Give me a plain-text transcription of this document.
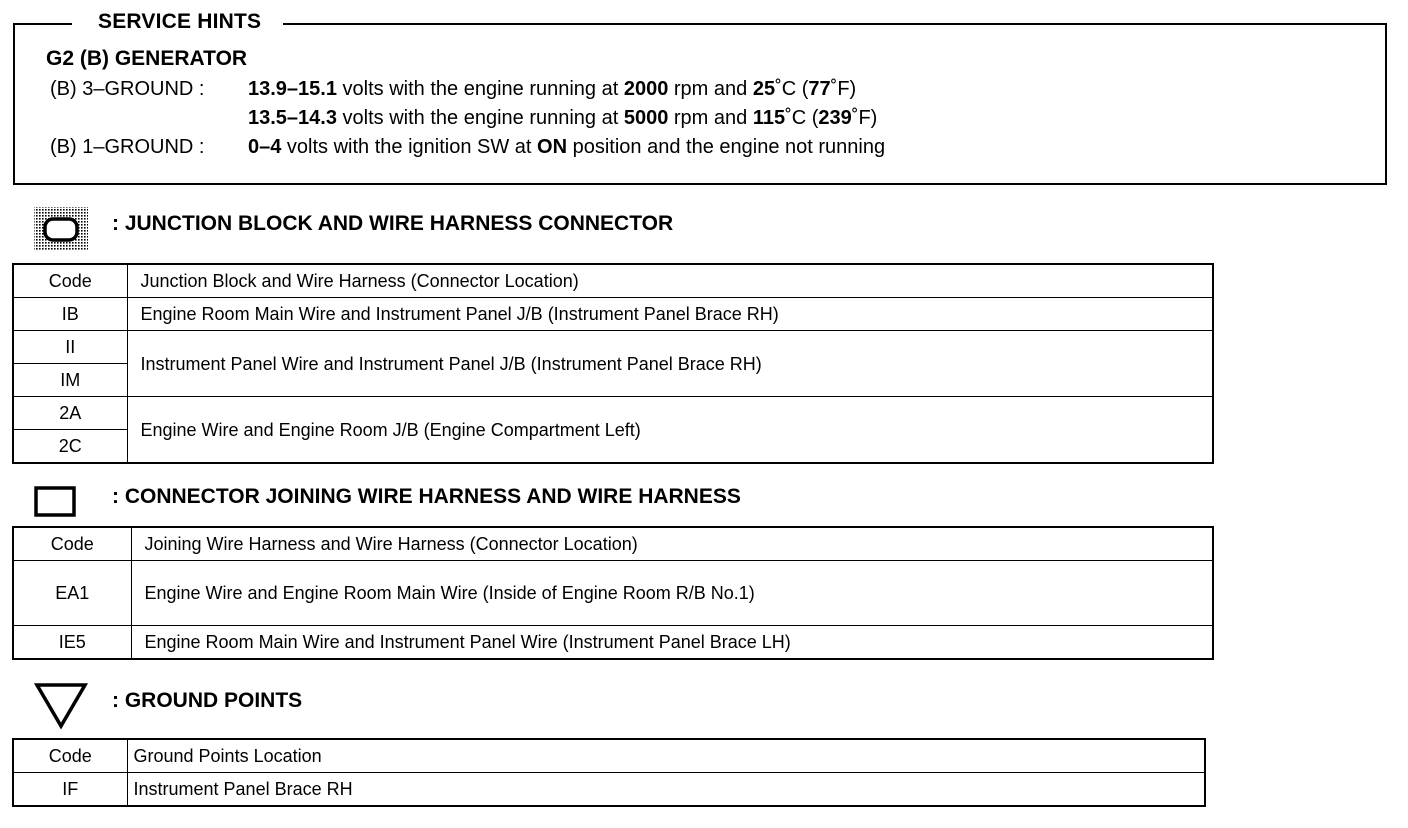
SERVICE HINTS
G2 (B) GENERATOR
(B) 3–GROUND : 13.9–15.1 volts with the engine running at 2000 rpm and 25˚C (77˚F)
13.5–14.3 volts with the engine running at 5000 rpm and 115˚C (239˚F)
(B) 1–GROUND : 0–4 volts with the ignition SW at ON position and the engine not running
: JUNCTION BLOCK AND WIRE HARNESS CONNECTOR
Code	Junction Block and Wire Harness (Connector Location)
IB	Engine Room Main Wire and Instrument Panel J/B (Instrument Panel Brace RH)
II	Instrument Panel Wire and Instrument Panel J/B (Instrument Panel Brace RH)
IM	
2A	Engine Wire and Engine Room J/B (Engine Compartment Left)
2C	
: CONNECTOR JOINING WIRE HARNESS AND WIRE HARNESS
Code	Joining Wire Harness and Wire Harness (Connector Location)
EA1	Engine Wire and Engine Room Main Wire (Inside of Engine Room R/B No.1)
IE5	Engine Room Main Wire and Instrument Panel Wire (Instrument Panel Brace LH)
: GROUND POINTS
Code	Ground Points Location
IF	Instrument Panel Brace RH
